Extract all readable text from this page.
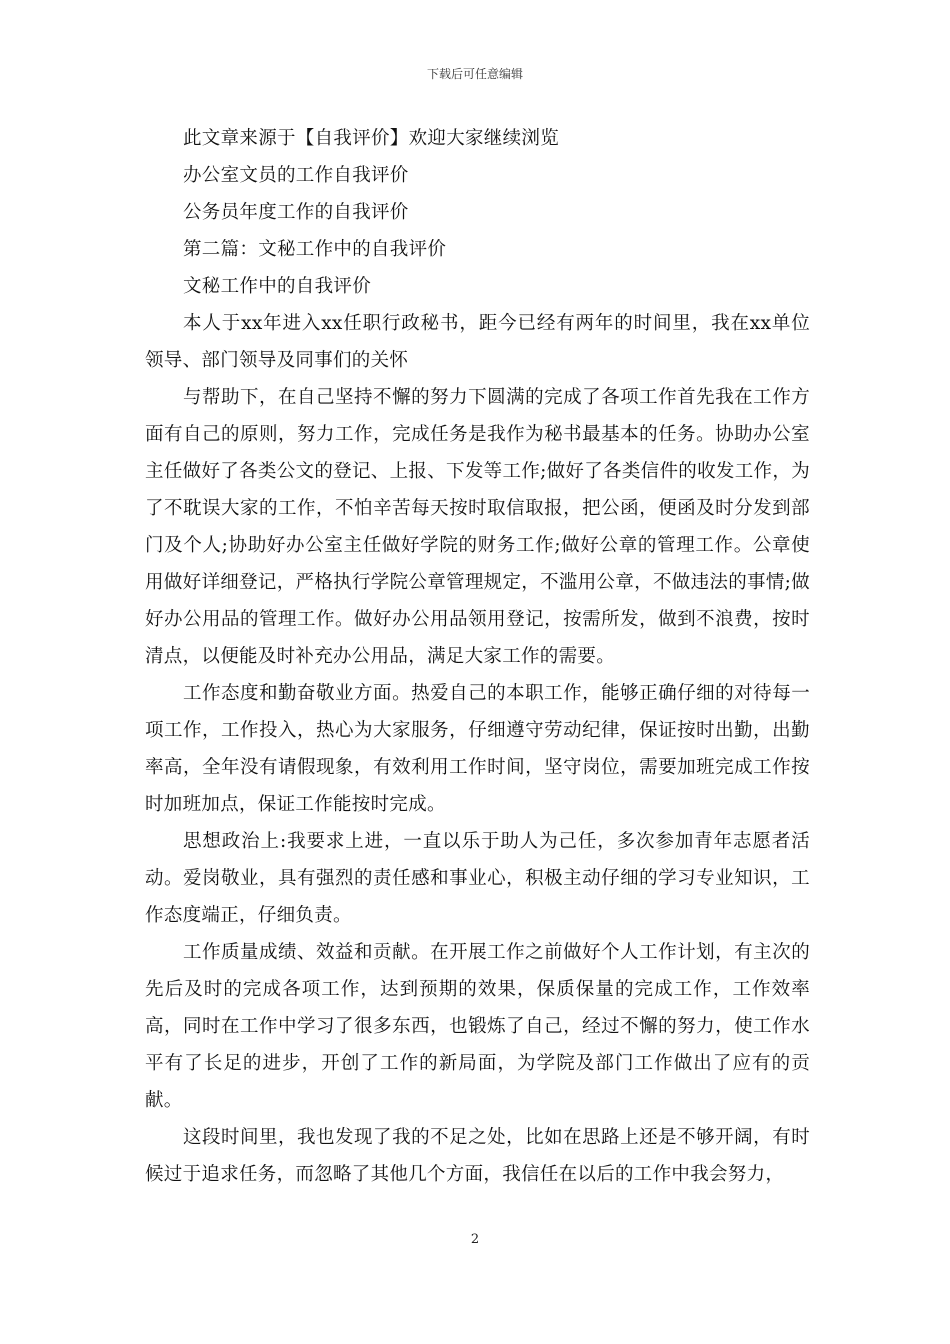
下载后可任意编辑
此文章来源于【自我评价】欢迎大家继续浏览
办公室文员的工作自我评价
公务员年度工作的自我评价
第二篇：文秘工作中的自我评价
文秘工作中的自我评价

本人于xx年进入xx任职行政秘书，距今已经有两年的时间里，我在xx单位领导、部门领导及同事们的关怀

与帮助下，在自己坚持不懈的努力下圆满的完成了各项工作首先我在工作方面有自己的原则，努力工作，完成任务是我作为秘书最基本的任务。协助办公室主任做好了各类公文的登记、上报、下发等工作;做好了各类信件的收发工作，为了不耽误大家的工作，不怕辛苦每天按时取信取报，把公函，便函及时分发到部门及个人;协助好办公室主任做好学院的财务工作;做好公章的管理工作。公章使用做好详细登记，严格执行学院公章管理规定，不滥用公章，不做违法的事情;做好办公用品的管理工作。做好办公用品领用登记，按需所发，做到不浪费，按时清点，以便能及时补充办公用品，满足大家工作的需要。

工作态度和勤奋敬业方面。热爱自己的本职工作，能够正确仔细的对待每一项工作，工作投入，热心为大家服务，仔细遵守劳动纪律，保证按时出勤，出勤率高，全年没有请假现象，有效利用工作时间，坚守岗位，需要加班完成工作按时加班加点，保证工作能按时完成。

思想政治上:我要求上进，一直以乐于助人为己任，多次参加青年志愿者活动。爱岗敬业，具有强烈的责任感和事业心，积极主动仔细的学习专业知识，工作态度端正，仔细负责。

工作质量成绩、效益和贡献。在开展工作之前做好个人工作计划，有主次的先后及时的完成各项工作，达到预期的效果，保质保量的完成工作，工作效率高，同时在工作中学习了很多东西，也锻炼了自己，经过不懈的努力，使工作水平有了长足的进步，开创了工作的新局面，为学院及部门工作做出了应有的贡献。

这段时间里，我也发现了我的不足之处，比如在思路上还是不够开阔，有时候过于追求任务，而忽略了其他几个方面，我信任在以后的工作中我会努力，

2
